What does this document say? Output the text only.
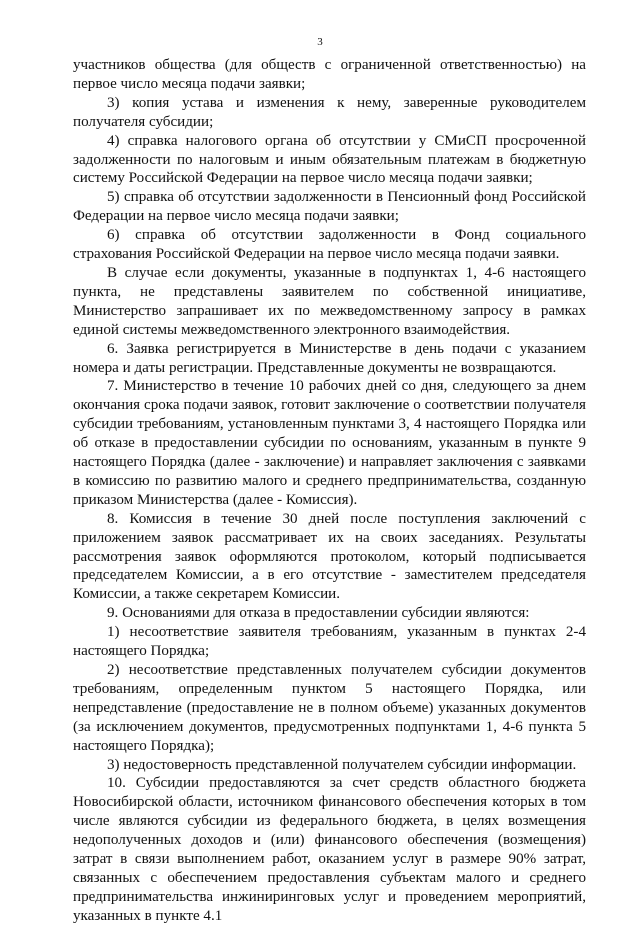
3

участников общества (для обществ с ограниченной ответственностью) на первое число месяца подачи заявки;

3) копия устава и изменения к нему, заверенные руководителем получателя субсидии;

4) справка налогового органа об отсутствии у СМиСП просроченной задолженности по налоговым и иным обязательным платежам в бюджетную систему Российской Федерации на первое число месяца подачи заявки;

5) справка об отсутствии задолженности в Пенсионный фонд Российской Федерации на первое число месяца подачи заявки;

6) справка об отсутствии задолженности в Фонд социального страхования Российской Федерации на первое число месяца подачи заявки.

В случае если документы, указанные в подпунктах 1, 4-6 настоящего пункта, не представлены заявителем по собственной инициативе, Министерство запрашивает их по межведомственному запросу в рамках единой системы межведомственного электронного взаимодействия.

6. Заявка регистрируется в Министерстве в день подачи с указанием номера и даты регистрации. Представленные документы не возвращаются.

7. Министерство в течение 10 рабочих дней со дня, следующего за днем окончания срока подачи заявок, готовит заключение о соответствии получателя субсидии требованиям, установленным пунктами 3, 4 настоящего Порядка или об отказе в предоставлении субсидии по основаниям, указанным в пункте 9 настоящего Порядка (далее - заключение) и направляет заключения с заявками в комиссию по развитию малого и среднего предпринимательства, созданную приказом Министерства (далее - Комиссия).

8. Комиссия в течение 30 дней после поступления заключений с приложением заявок рассматривает их на своих заседаниях. Результаты рассмотрения заявок оформляются протоколом, который подписывается председателем Комиссии, а в его отсутствие - заместителем председателя Комиссии, а также секретарем Комиссии.

9. Основаниями для отказа в предоставлении субсидии являются:

1) несоответствие заявителя требованиям, указанным в пунктах 2-4 настоящего Порядка;

2) несоответствие представленных получателем субсидии документов требованиям, определенным пунктом 5 настоящего Порядка, или непредставление (предоставление не в полном объеме) указанных документов (за исключением документов, предусмотренных подпунктами 1, 4-6 пункта 5 настоящего Порядка);

3) недостоверность представленной получателем субсидии информации.

10. Субсидии предоставляются за счет средств областного бюджета Новосибирской области, источником финансового обеспечения которых в том числе являются субсидии из федерального бюджета, в целях возмещения недополученных доходов и (или) финансового обеспечения (возмещения) затрат в связи выполнением работ, оказанием услуг в размере 90% затрат, связанных с обеспечением предоставления субъектам малого и среднего предпринимательства инжиниринговых услуг и проведением мероприятий, указанных в пункте 4.1
